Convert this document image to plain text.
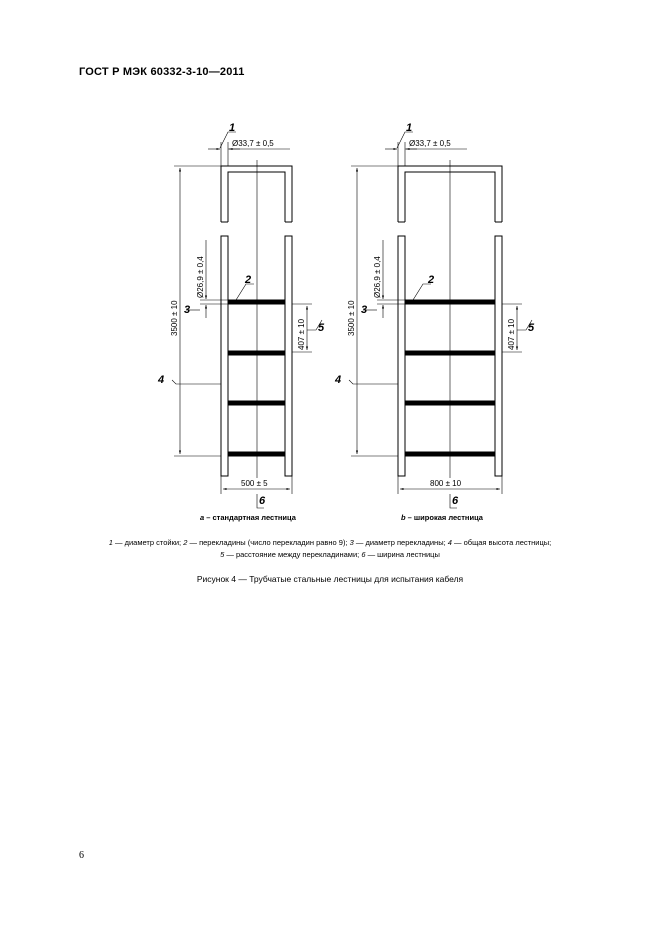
ГОСТ Р МЭК 60332-3-10—2011
1
Ø33,7 ± 0,5
2
3
Ø26,9 ± 0,4
3500 ± 10	407 ± 10
4
5
500 ± 5
6
a – стандартная лестница
1
Ø33,7 ± 0,5
2
3
Ø26,9 ± 0,4
3500 ± 10	407 ± 10
4
5
800 ± 10
6
b – широкая лестница
1 — диаметр стойки; 2 — перекладины (число перекладин равно 9); 3 — диаметр перекладины; 4 — общая высота лестницы;
5 — расстояние между перекладинами; 6 — ширина лестницы
Рисунок 4 — Трубчатые стальные лестницы для испытания кабеля
6
